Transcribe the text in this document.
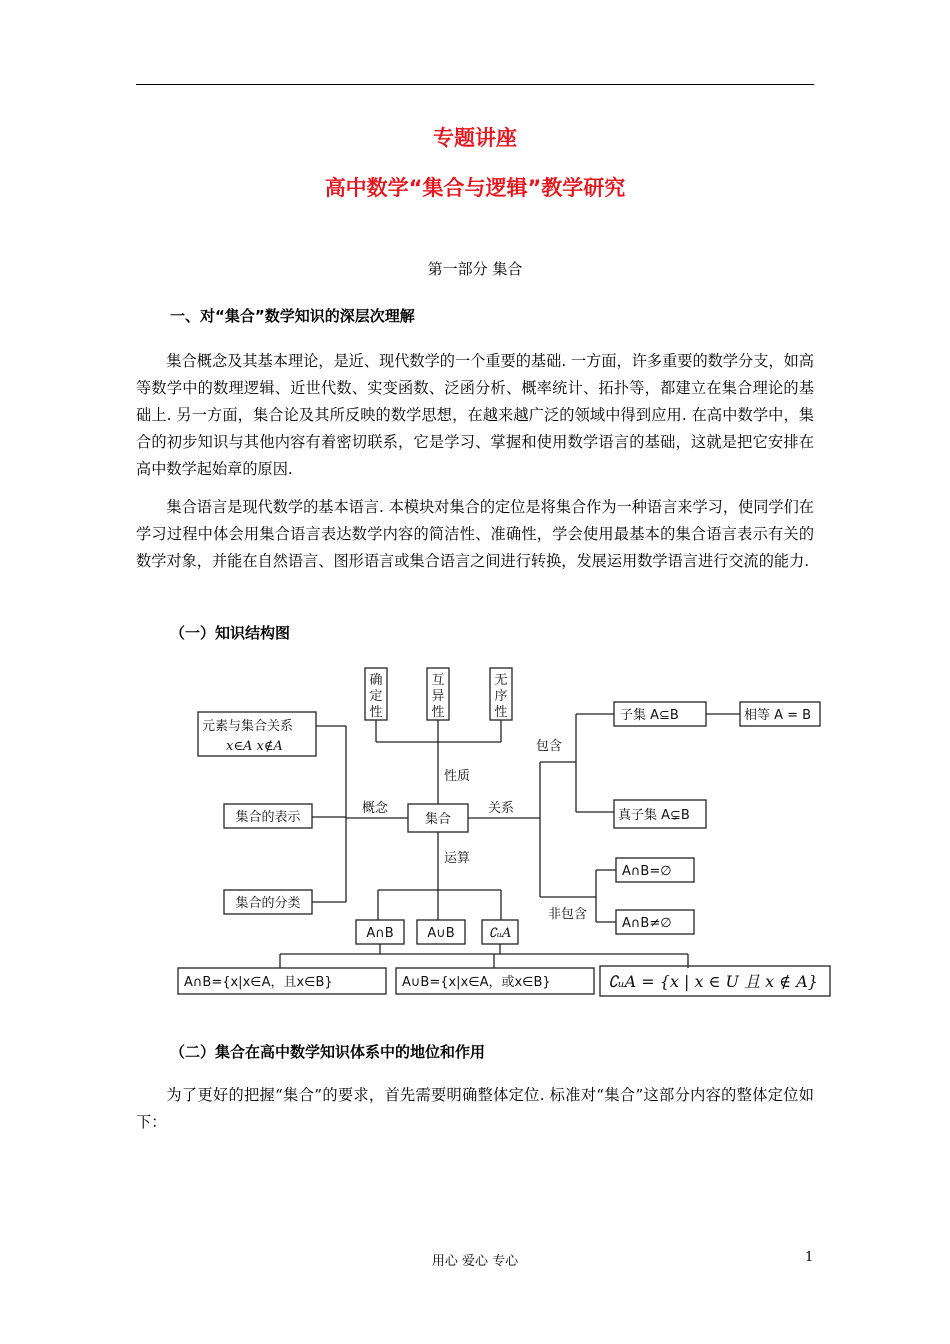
专题讲座
高中数学“集合与逻辑”教学研究
第一部分 集合
一、对“集合”数学知识的深层次理解

集合概念及其基本理论，是近、现代数学的一个重要的基础. 一方面，许多重要的数学分支，如高等数学中的数理逻辑、近世代数、实变函数、泛函分析、概率统计、拓扑等，都建立在集合理论的基础上. 另一方面，集合论及其所反映的数学思想，在越来越广泛的领域中得到应用. 在高中数学中，集合的初步知识与其他内容有着密切联系，它是学习、掌握和使用数学语言的基础，这就是把它安排在高中数学起始章的原因.

集合语言是现代数学的基本语言. 本模块对集合的定位是将集合作为一种语言来学习，使同学们在学习过程中体会用集合语言表达数学内容的简洁性、准确性，学会使用最基本的集合语言表示有关的数学对象，并能在自然语言、图形语言或集合语言之间进行转换，发展运用数学语言进行交流的能力.

（一）知识结构图
确
定
性
互
异
性
无
序
性
性质
集合
概念	关系
运算
元素与集合关系
x∈A x∉A
集合的表示
集合的分类
包含
非包含
子集 A⊆B	相等 A = B
真子集 A⊊B
A∩B=∅
A∩B≠∅
A∩B	A∪B	∁ᵤA
A∩B={x|x∈A，且x∈B}	A∪B={x|x∈A，或x∈B}	∁ᵤA = {x | x ∈ U 且 x ∉ A}
（二）集合在高中数学知识体系中的地位和作用

为了更好的把握“集合”的要求，首先需要明确整体定位. 标准对“集合”这部分内容的整体定位如下：

用心 爱心 专心	1
